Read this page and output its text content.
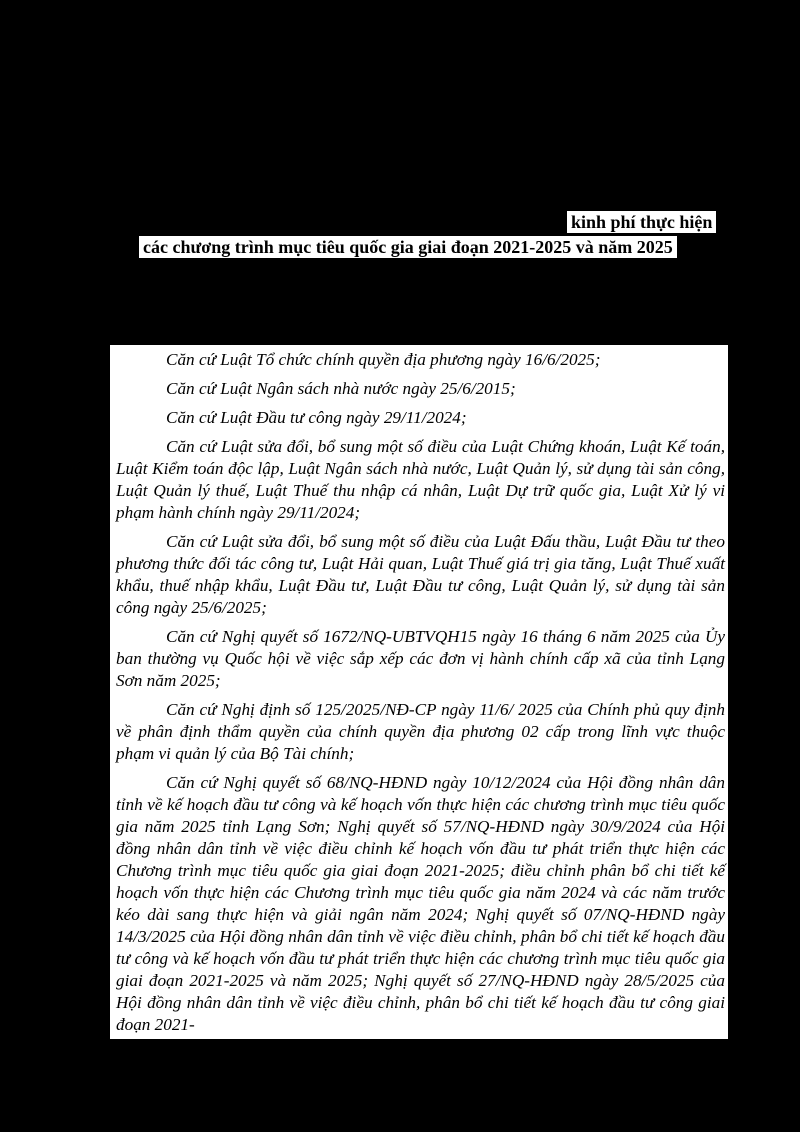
kinh phí thực hiện
các chương trình mục tiêu quốc gia giai đoạn 2021-2025 và năm 2025

Căn cứ Luật Tổ chức chính quyền địa phương ngày 16/6/2025;

Căn cứ Luật Ngân sách nhà nước ngày 25/6/2015;

Căn cứ Luật Đầu tư công ngày 29/11/2024;

Căn cứ Luật sửa đổi, bổ sung một số điều của Luật Chứng khoán, Luật Kế toán, Luật Kiểm toán độc lập, Luật Ngân sách nhà nước, Luật Quản lý, sử dụng tài sản công, Luật Quản lý thuế, Luật Thuế thu nhập cá nhân, Luật Dự trữ quốc gia, Luật Xử lý vi phạm hành chính ngày 29/11/2024;

Căn cứ Luật sửa đổi, bổ sung một số điều của Luật Đấu thầu, Luật Đầu tư theo phương thức đối tác công tư, Luật Hải quan, Luật Thuế giá trị gia tăng, Luật Thuế xuất khẩu, thuế nhập khẩu, Luật Đầu tư, Luật Đầu tư công, Luật Quản lý, sử dụng tài sản công ngày 25/6/2025;

Căn cứ Nghị quyết số 1672/NQ-UBTVQH15 ngày 16 tháng 6 năm 2025 của Ủy ban thường vụ Quốc hội về việc sắp xếp các đơn vị hành chính cấp xã của tỉnh Lạng Sơn năm 2025;

Căn cứ Nghị định số 125/2025/NĐ-CP ngày 11/6/ 2025 của Chính phủ quy định về phân định thẩm quyền của chính quyền địa phương 02 cấp trong lĩnh vực thuộc phạm vi quản lý của Bộ Tài chính;

Căn cứ Nghị quyết số 68/NQ-HĐND ngày 10/12/2024 của Hội đồng nhân dân tỉnh về kế hoạch đầu tư công và kế hoạch vốn thực hiện các chương trình mục tiêu quốc gia năm 2025 tỉnh Lạng Sơn; Nghị quyết số 57/NQ-HĐND ngày 30/9/2024 của Hội đồng nhân dân tỉnh về việc điều chỉnh kế hoạch vốn đầu tư phát triển thực hiện các Chương trình mục tiêu quốc gia giai đoạn 2021-2025; điều chỉnh phân bổ chi tiết kế hoạch vốn thực hiện các Chương trình mục tiêu quốc gia năm 2024 và các năm trước kéo dài sang thực hiện và giải ngân năm 2024; Nghị quyết số 07/NQ-HĐND ngày 14/3/2025 của Hội đồng nhân dân tỉnh về việc điều chỉnh, phân bổ chi tiết kế hoạch đầu tư công và kế hoạch vốn đầu tư phát triển thực hiện các chương trình mục tiêu quốc gia giai đoạn 2021-2025 và năm 2025; Nghị quyết số 27/NQ-HĐND ngày 28/5/2025 của Hội đồng nhân dân tỉnh về việc điều chỉnh, phân bổ chi tiết kế hoạch đầu tư công giai đoạn 2021-
